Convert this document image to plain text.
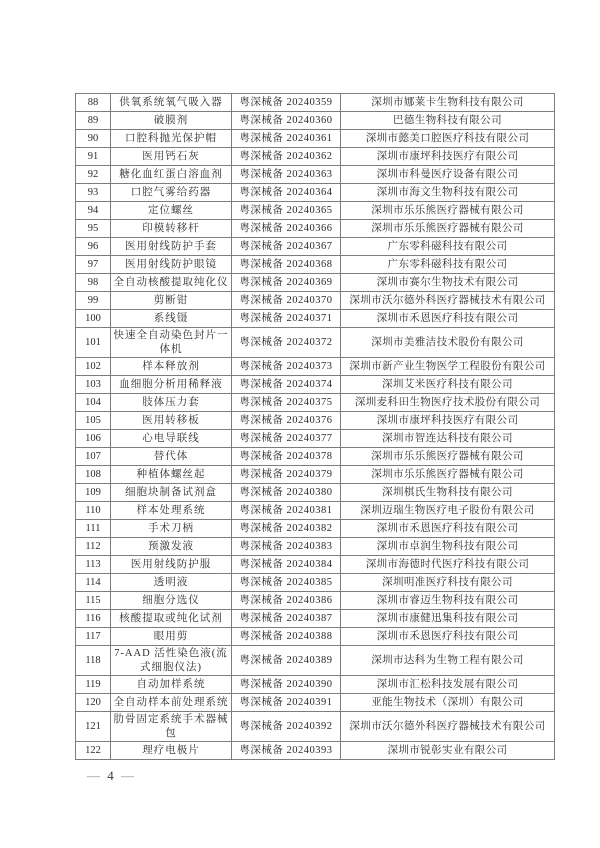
88	供氧系统氧气吸入器	粤深械备 20240359	深圳市娜莱卡生物科技有限公司
89	破膜剂	粤深械备 20240360	巴德生物科技有限公司
90	口腔科抛光保护帽	粤深械备 20240361	深圳市懿美口腔医疗科技有限公司
91	医用钙石灰	粤深械备 20240362	深圳市康坪科技医疗有限公司
92	糖化血红蛋白溶血剂	粤深械备 20240363	深圳市科曼医疗设备有限公司
93	口腔气雾给药器	粤深械备 20240364	深圳市海文生物科技有限公司
94	定位螺丝	粤深械备 20240365	深圳市乐乐熊医疗器械有限公司
95	印模转移杆	粤深械备 20240366	深圳市乐乐熊医疗器械有限公司
96	医用射线防护手套	粤深械备 20240367	广东零科磁科技有限公司
97	医用射线防护眼镜	粤深械备 20240368	广东零科磁科技有限公司
98	全自动核酸提取纯化仪	粤深械备 20240369	深圳市赛尔生物技术有限公司
99	剪断钳	粤深械备 20240370	深圳市沃尔德外科医疗器械技术有限公司
100	系线镊	粤深械备 20240371	深圳市禾恩医疗科技有限公司
101	快速全自动染色封片一体机	粤深械备 20240372	深圳市美雅洁技术股份有限公司
102	样本释放剂	粤深械备 20240373	深圳市新产业生物医学工程股份有限公司
103	血细胞分析用稀释液	粤深械备 20240374	深圳艾米医疗科技有限公司
104	肢体压力套	粤深械备 20240375	深圳麦科田生物医疗技术股份有限公司
105	医用转移板	粤深械备 20240376	深圳市康坪科技医疗有限公司
106	心电导联线	粤深械备 20240377	深圳市智连达科技有限公司
107	替代体	粤深械备 20240378	深圳市乐乐熊医疗器械有限公司
108	种植体螺丝起	粤深械备 20240379	深圳市乐乐熊医疗器械有限公司
109	细胞块制备试剂盒	粤深械备 20240380	深圳棋氏生物科技有限公司
110	样本处理系统	粤深械备 20240381	深圳迈瑞生物医疗电子股份有限公司
111	手术刀柄	粤深械备 20240382	深圳市禾恩医疗科技有限公司
112	预激发液	粤深械备 20240383	深圳市卓润生物科技有限公司
113	医用射线防护服	粤深械备 20240384	深圳市海德时代医疗科技有限公司
114	透明液	粤深械备 20240385	深圳明准医疗科技有限公司
115	细胞分选仪	粤深械备 20240386	深圳市睿迈生物科技有限公司
116	核酸提取或纯化试剂	粤深械备 20240387	深圳市康健迅集科技有限公司
117	眼用剪	粤深械备 20240388	深圳市禾恩医疗科技有限公司
118	7-AAD 活性染色液(流式细胞仪法)	粤深械备 20240389	深圳市达科为生物工程有限公司
119	自动加样系统	粤深械备 20240390	深圳市汇松科技发展有限公司
120	全自动样本前处理系统	粤深械备 20240391	亚能生物技术（深圳）有限公司
121	肋骨固定系统手术器械包	粤深械备 20240392	深圳市沃尔德外科医疗器械技术有限公司
122	理疗电极片	粤深械备 20240393	深圳市锐彰实业有限公司
— 4 —
